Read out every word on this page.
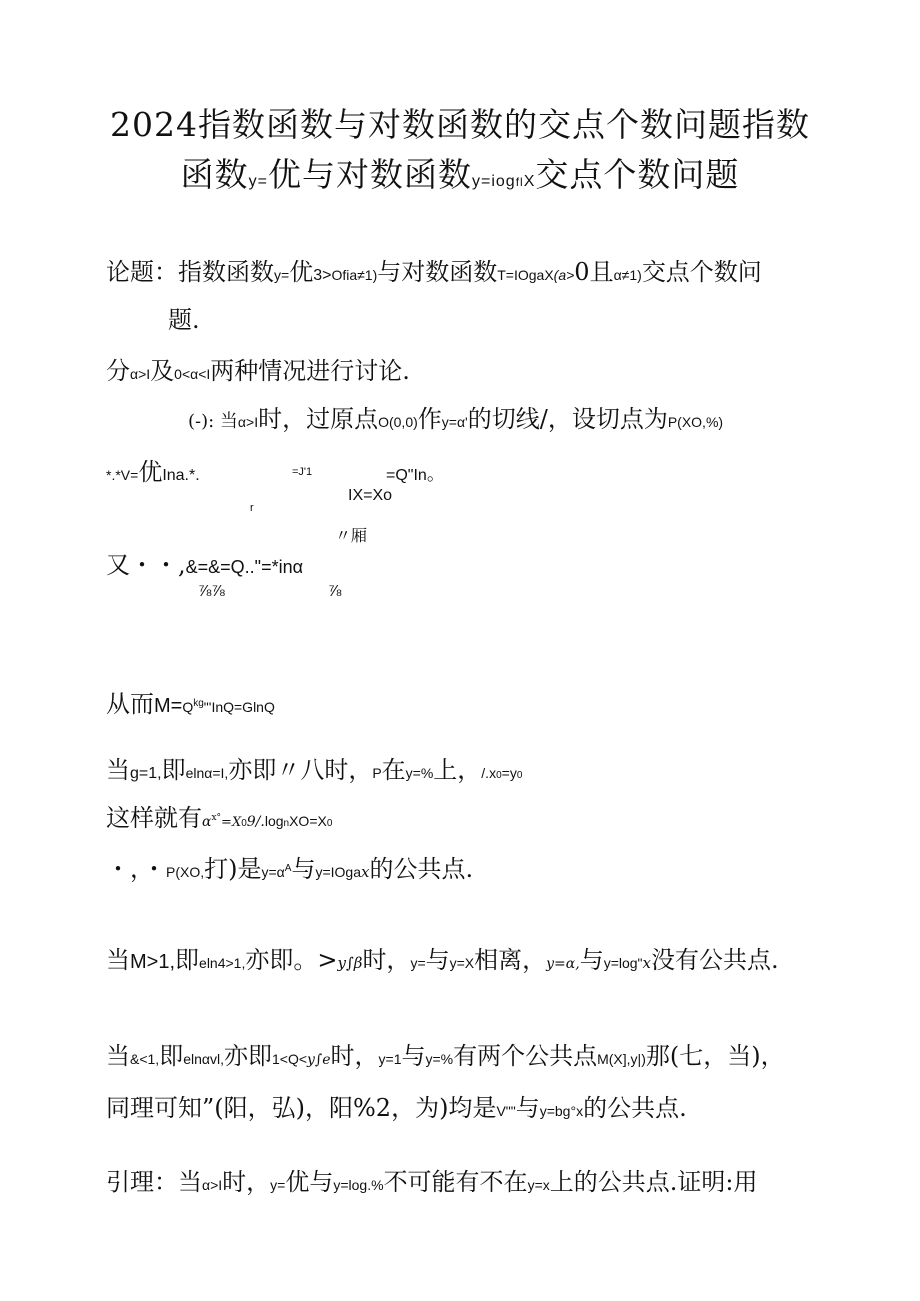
2024指数函数与对数函数的交点个数问题指数
函数y=优与对数函数y=iogflX交点个数问题
论题：指数函数y=优3>Ofia≠1)与对数函数T=IOgaX(a>0且α≠1)交点个数问
题.
分α>I及0<α<I两种情况进行讨论.
(-): 当α>I时，过原点O(0,0)作y=α'的切线/，设切点为P(XO,%)
*.*V=优Ina.*.	=J'1	=Q"In。
IX=Xo
r
〃厢
又・・,&=&=Q.."=*inα
⅞⅞	⅞
从而$M=Q^{kg}"'InQ=GlnQ$
当g=1,即elnα=I,亦即〃八时，P在y=%上，/.x0=y0
这样就有$\alpha^{x^\circ}=X09/.lognXO=X0$
・，・P(XO,打)是$y=\alpha^A$与y=IOgax的公共点.
当M>1,即eln4>1,亦即。>y∫β时，y=与y=X相离，y=α,与y=log"x没有公共点.
当&<1,即elnαvl,亦即1<Q<y∫e时，y=1与y=%有两个公共点M(X],y|)那(七，当)，
同理可知”(阳，弘)，阳%2，为)均是V""与y=bg°x的公共点.
引理：当α>I时，y=优与y=log.%不可能有不在y=x上的公共点.证明:用
